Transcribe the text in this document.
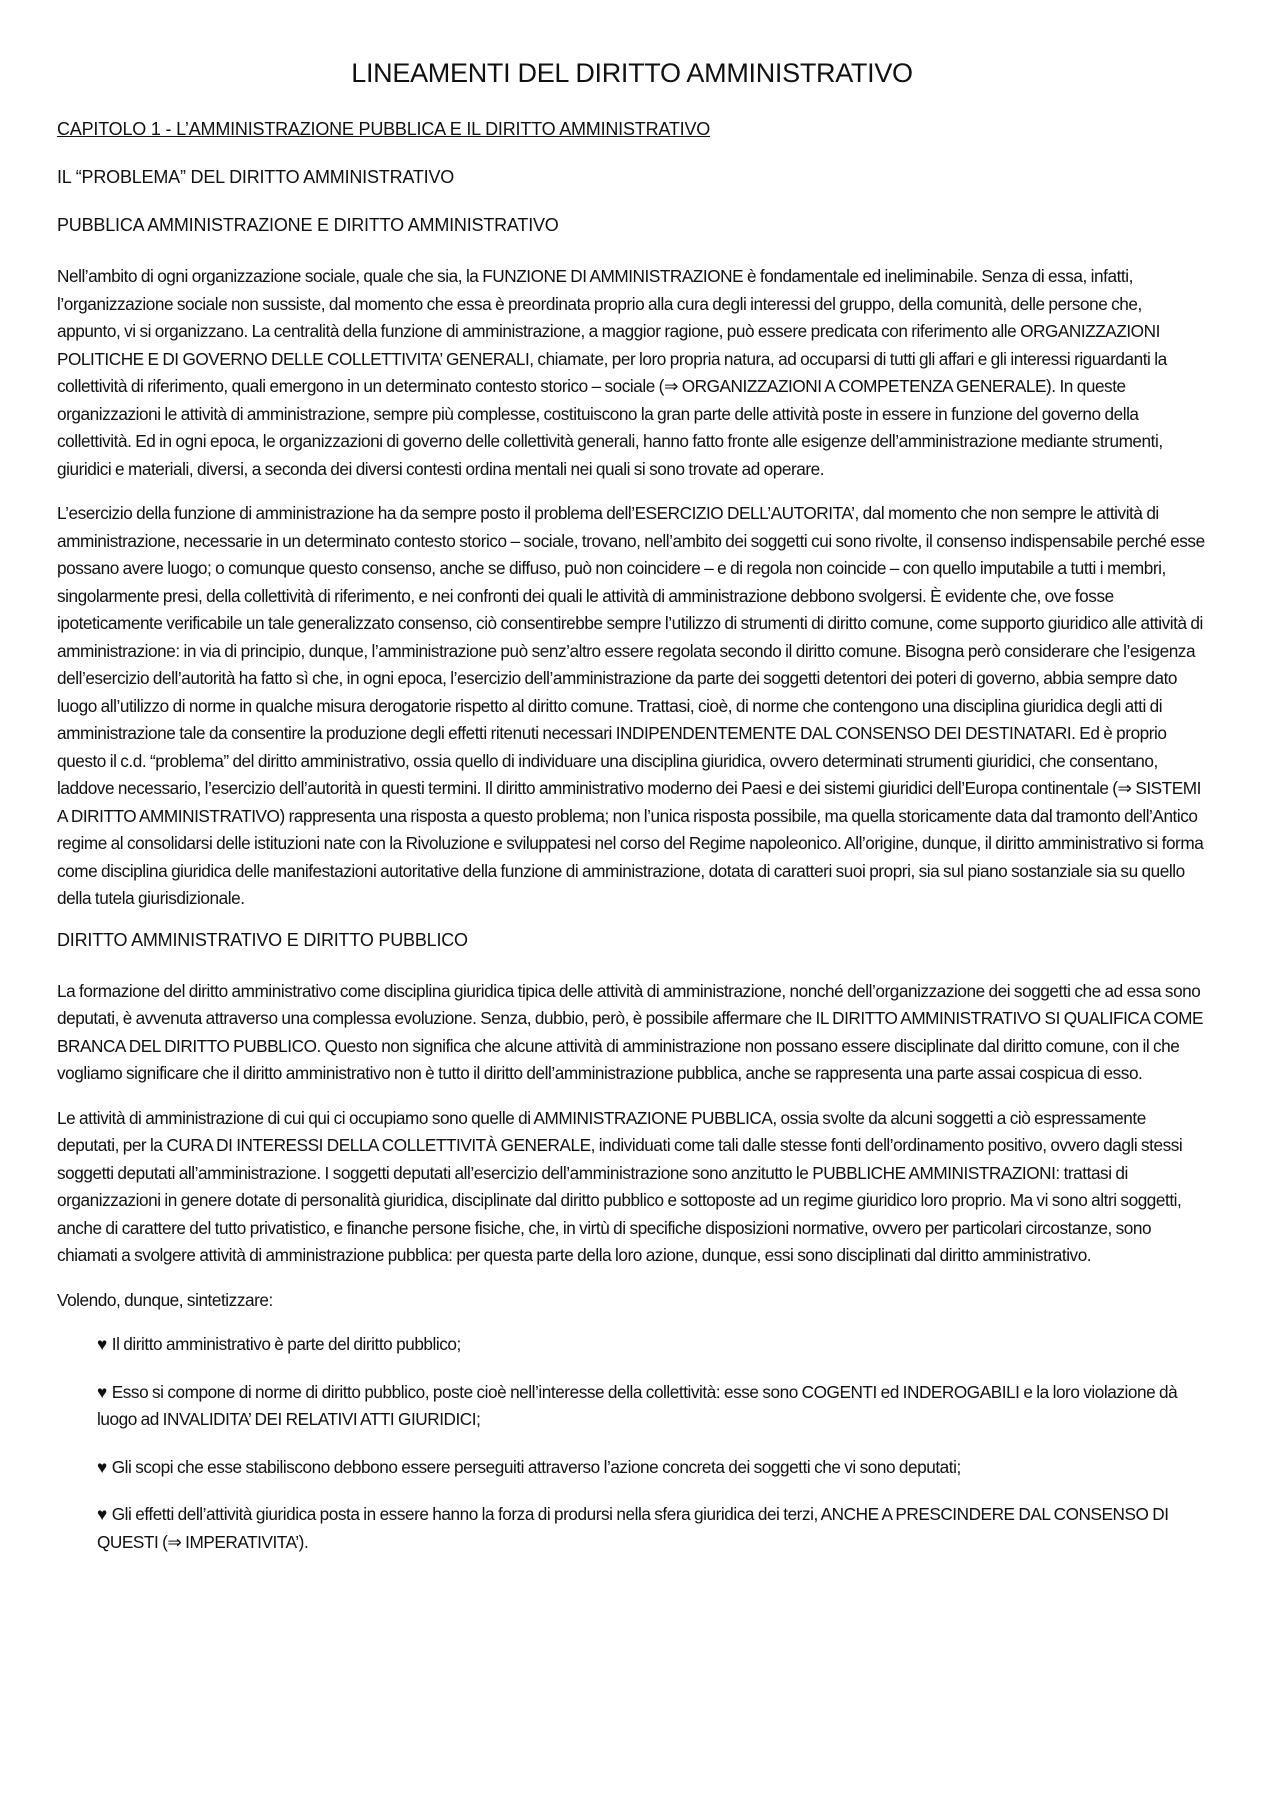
LINEAMENTI DEL DIRITTO AMMINISTRATIVO
CAPITOLO 1 - L’AMMINISTRAZIONE PUBBLICA E IL DIRITTO AMMINISTRATIVO
IL “PROBLEMA” DEL DIRITTO AMMINISTRATIVO
PUBBLICA AMMINISTRAZIONE E DIRITTO AMMINISTRATIVO

Nell’ambito di ogni organizzazione sociale, quale che sia, la FUNZIONE DI AMMINISTRAZIONE è fondamentale ed ineliminabile. Senza di essa, infatti, l’organizzazione sociale non sussiste, dal momento che essa è preordinata proprio alla cura degli interessi del gruppo, della comunità, delle persone che, appunto, vi si organizzano. La centralità della funzione di amministrazione, a maggior ragione, può essere predicata con riferimento alle ORGANIZZAZIONI POLITICHE E DI GOVERNO DELLE COLLETTIVITA’ GENERALI, chiamate, per loro propria natura, ad occuparsi di tutti gli affari e gli interessi riguardanti la collettività di riferimento, quali emergono in un determinato contesto storico – sociale (⇒ ORGANIZZAZIONI A COMPETENZA GENERALE). In queste organizzazioni le attività di amministrazione, sempre più complesse, costituiscono la gran parte delle attività poste in essere in funzione del governo della collettività. Ed in ogni epoca, le organizzazioni di governo delle collettività generali, hanno fatto fronte alle esigenze dell’amministrazione mediante strumenti, giuridici e materiali, diversi, a seconda dei diversi contesti ordina mentali nei quali si sono trovate ad operare.

L’esercizio della funzione di amministrazione ha da sempre posto il problema dell’ESERCIZIO DELL’AUTORITA’, dal momento che non sempre le attività di amministrazione, necessarie in un determinato contesto storico – sociale, trovano, nell’ambito dei soggetti cui sono rivolte, il consenso indispensabile perché esse possano avere luogo; o comunque questo consenso, anche se diffuso, può non coincidere – e di regola non coincide – con quello imputabile a tutti i membri, singolarmente presi, della collettività di riferimento, e nei confronti dei quali le attività di amministrazione debbono svolgersi. È evidente che, ove fosse ipoteticamente verificabile un tale generalizzato consenso, ciò consentirebbe sempre l’utilizzo di strumenti di diritto comune, come supporto giuridico alle attività di amministrazione: in via di principio, dunque, l’amministrazione può senz’altro essere regolata secondo il diritto comune. Bisogna però considerare che l’esigenza dell’esercizio dell’autorità ha fatto sì che, in ogni epoca, l’esercizio dell’amministrazione da parte dei soggetti detentori dei poteri di governo, abbia sempre dato luogo all’utilizzo di norme in qualche misura derogatorie rispetto al diritto comune. Trattasi, cioè, di norme che contengono una disciplina giuridica degli atti di amministrazione tale da consentire la produzione degli effetti ritenuti necessari INDIPENDENTEMENTE DAL CONSENSO DEI DESTINATARI. Ed è proprio questo il c.d. “problema” del diritto amministrativo, ossia quello di individuare una disciplina giuridica, ovvero determinati strumenti giuridici, che consentano, laddove necessario, l’esercizio dell’autorità in questi termini. Il diritto amministrativo moderno dei Paesi e dei sistemi giuridici dell’Europa continentale (⇒ SISTEMI A DIRITTO AMMINISTRATIVO) rappresenta una risposta a questo problema; non l’unica risposta possibile, ma quella storicamente data dal tramonto dell’Antico regime al consolidarsi delle istituzioni nate con la Rivoluzione e sviluppatesi nel corso del Regime napoleonico. All’origine, dunque, il diritto amministrativo si forma come disciplina giuridica delle manifestazioni autoritative della funzione di amministrazione, dotata di caratteri suoi propri, sia sul piano sostanziale sia su quello della tutela giurisdizionale.

DIRITTO AMMINISTRATIVO E DIRITTO PUBBLICO

La formazione del diritto amministrativo come disciplina giuridica tipica delle attività di amministrazione, nonché dell’organizzazione dei soggetti che ad essa sono deputati, è avvenuta attraverso una complessa evoluzione. Senza, dubbio, però, è possibile affermare che IL DIRITTO AMMINISTRATIVO SI QUALIFICA COME BRANCA DEL DIRITTO PUBBLICO. Questo non significa che alcune attività di amministrazione non possano essere disciplinate dal diritto comune, con il che vogliamo significare che il diritto amministrativo non è tutto il diritto dell’amministrazione pubblica, anche se rappresenta una parte assai cospicua di esso.

Le attività di amministrazione di cui qui ci occupiamo sono quelle di AMMINISTRAZIONE PUBBLICA, ossia svolte da alcuni soggetti a ciò espressamente deputati, per la CURA DI INTERESSI DELLA COLLETTIVITÀ GENERALE, individuati come tali dalle stesse fonti dell’ordinamento positivo, ovvero dagli stessi soggetti deputati all’amministrazione. I soggetti deputati all’esercizio dell’amministrazione sono anzitutto le PUBBLICHE AMMINISTRAZIONI: trattasi di organizzazioni in genere dotate di personalità giuridica, disciplinate dal diritto pubblico e sottoposte ad un regime giuridico loro proprio. Ma vi sono altri soggetti, anche di carattere del tutto privatistico, e finanche persone fisiche, che, in virtù di specifiche disposizioni normative, ovvero per particolari circostanze, sono chiamati a svolgere attività di amministrazione pubblica: per questa parte della loro azione, dunque, essi sono disciplinati dal diritto amministrativo.

Volendo, dunque, sintetizzare:

♥ Il diritto amministrativo è parte del diritto pubblico;
♥ Esso si compone di norme di diritto pubblico, poste cioè nell’interesse della collettività: esse sono COGENTI ed INDEROGABILI e la loro violazione dà luogo ad INVALIDITA’ DEI RELATIVI ATTI GIURIDICI;
♥ Gli scopi che esse stabiliscono debbono essere perseguiti attraverso l’azione concreta dei soggetti che vi sono deputati;
♥ Gli effetti dell’attività giuridica posta in essere hanno la forza di prodursi nella sfera giuridica dei terzi, ANCHE A PRESCINDERE DAL CONSENSO DI QUESTI (⇒ IMPERATIVITA’).
